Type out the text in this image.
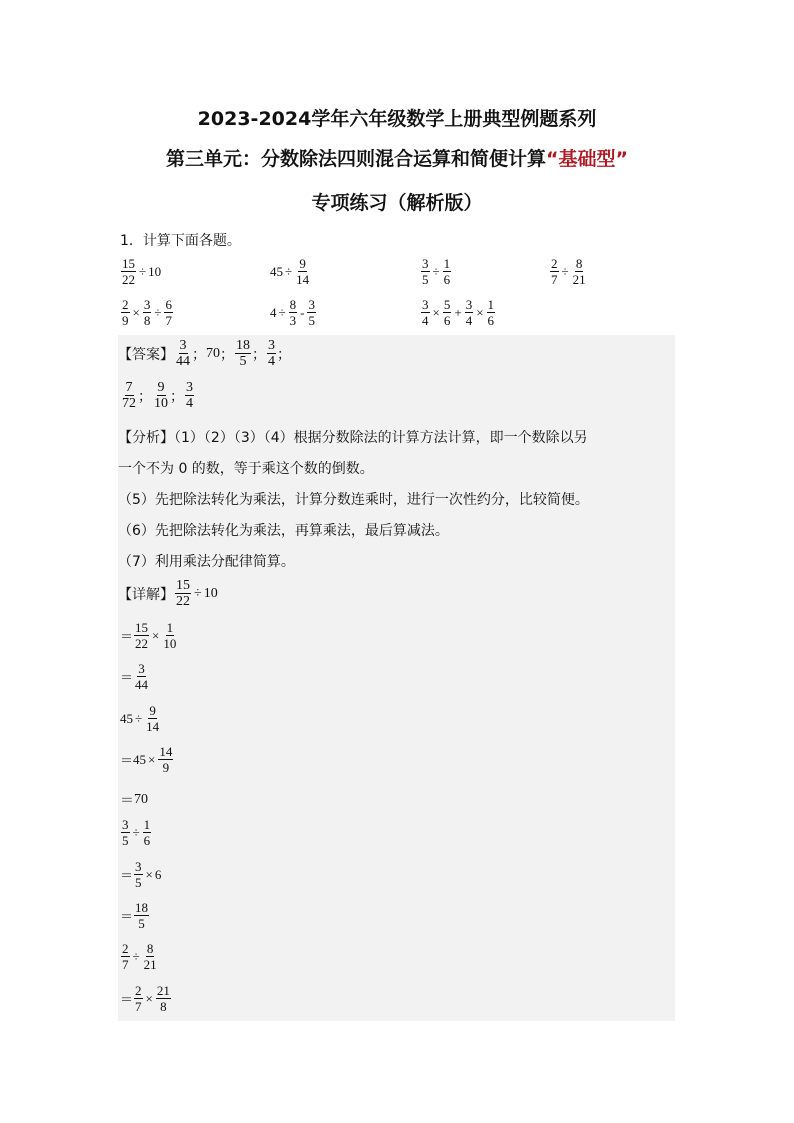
2023-2024学年六年级数学上册典型例题系列
第三单元：分数除法四则混合运算和简便计算“基础型”
专项练习（解析版）
1．计算下面各题。
$\frac{15}{22} \div 10$	$45 \div \frac{9}{14}$	$\frac{3}{5} \div \frac{1}{6}$	$\frac{2}{7} \div \frac{8}{21}$
$\frac{2}{9} \times \frac{3}{8} \div \frac{6}{7}$	$4 \div \frac{8}{3} - \frac{3}{5}$	$\frac{3}{4} \times \frac{5}{6} + \frac{3}{4} \times \frac{1}{6}$
【答案】 $\frac{3}{44}$ ； 70 ； $\frac{18}{5}$ ； $\frac{3}{4}$ ；
$\frac{7}{72}$ ； $\frac{9}{10}$ ； $\frac{3}{4}$
【分析】（1）（2）（3）（4）根据分数除法的计算方法计算，即一个数除以另
一个不为 0 的数，等于乘这个数的倒数。
（5）先把除法转化为乘法，计算分数连乘时，进行一次性约分，比较简便。
（6）先把除法转化为乘法，再算乘法，最后算减法。
（7）利用乘法分配律简算。
【详解】 $\frac{15}{22} \div 10$
＝ $\frac{15}{22} \times \frac{1}{10}$
＝ $\frac{3}{44}$
$45 \div \frac{9}{14}$
＝ $45 \times \frac{14}{9}$
＝ 70
$\frac{3}{5} \div \frac{1}{6}$
＝ $\frac{3}{5} \times 6$
＝ $\frac{18}{5}$
$\frac{2}{7} \div \frac{8}{21}$
＝ $\frac{2}{7} \times \frac{21}{8}$
